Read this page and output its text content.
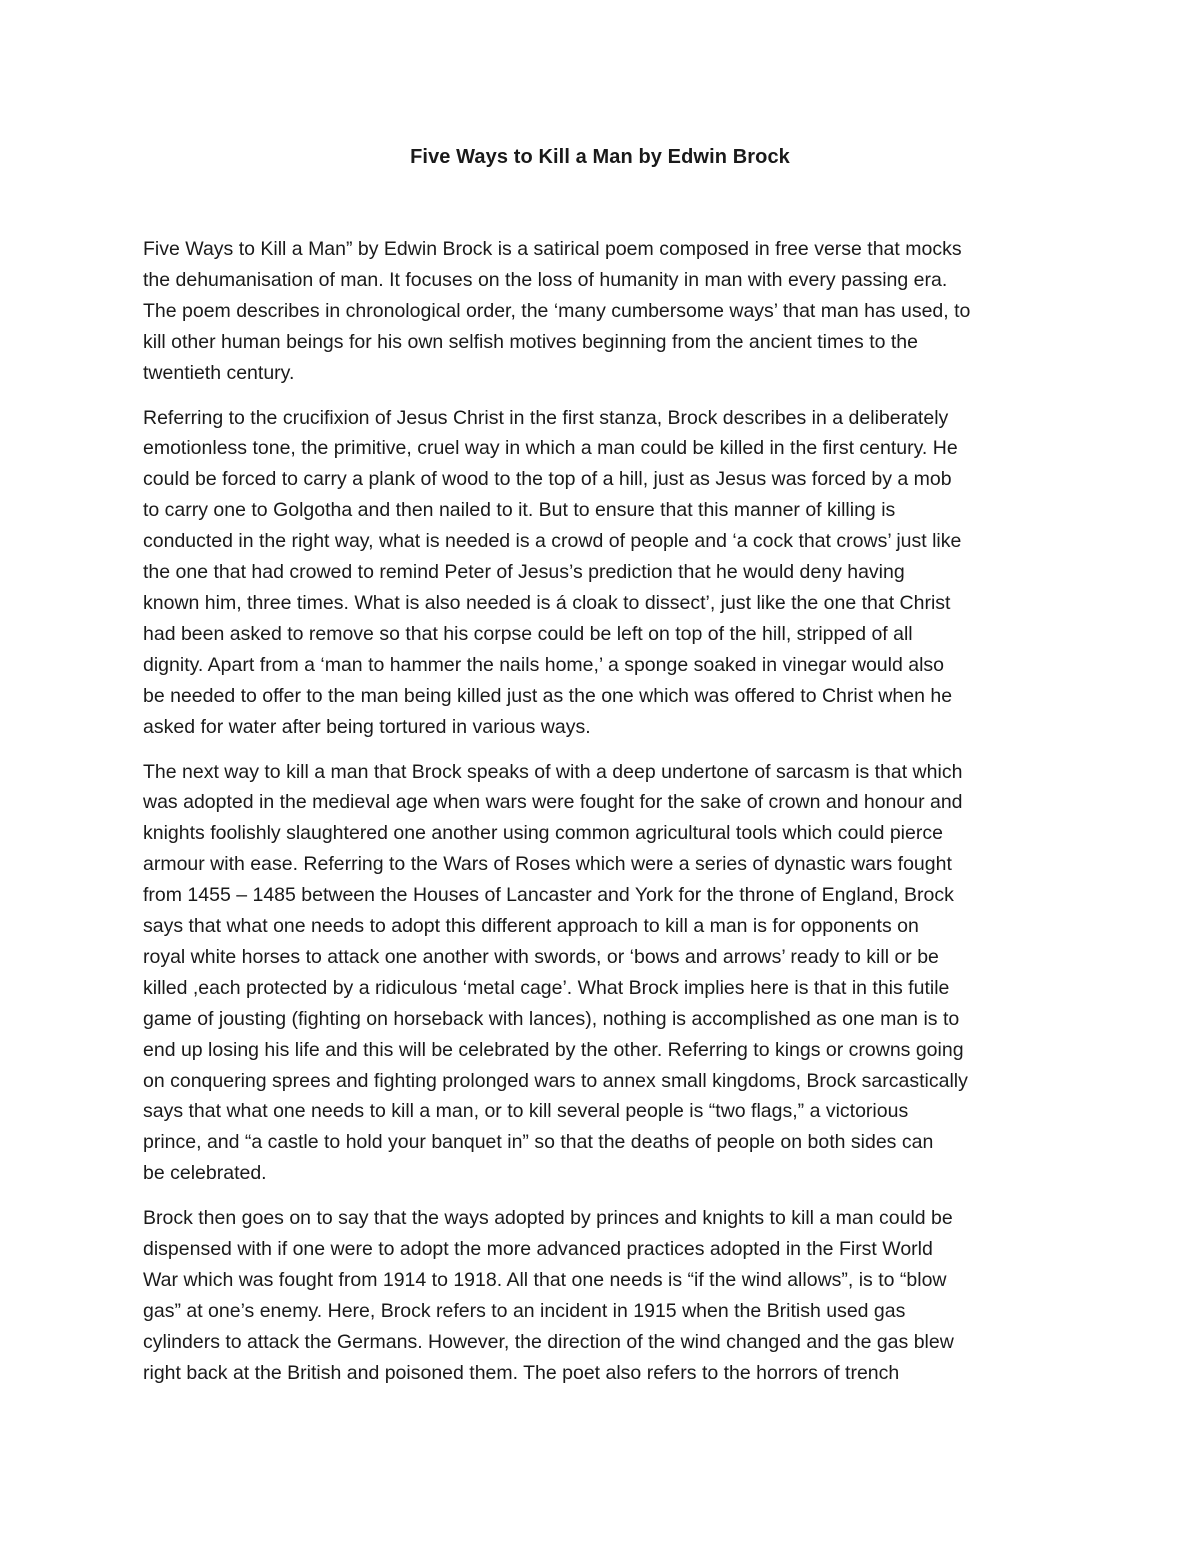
Five Ways to Kill a Man by Edwin Brock
Five Ways to Kill a Man” by Edwin Brock is a satirical poem composed in free verse that mocks
the dehumanisation of man. It focuses on the loss of humanity in man with every passing era.
The poem describes in chronological order, the ‘many cumbersome ways’ that man has used, to
kill other human beings for his own selfish motives beginning from the ancient times to the
twentieth century.
Referring to the crucifixion of Jesus Christ in the first stanza, Brock describes in a deliberately
emotionless tone, the primitive, cruel way in which a man could be killed in the first century. He
could be forced to carry a plank of wood to the top of a hill, just as Jesus was forced by a mob
to carry one to Golgotha and then nailed to it. But to ensure that this manner of killing is
conducted in the right way, what is needed is a crowd of people and ‘a cock that crows’ just like
the one that had crowed to remind Peter of Jesus’s prediction that he would deny having
known him, three times. What is also needed is á cloak to dissect’, just like the one that Christ
had been asked to remove so that his corpse could be left on top of the hill, stripped of all
dignity. Apart from a ‘man to hammer the nails home,’ a sponge soaked in vinegar would also
be needed to offer to the man being killed just as the one which was offered to Christ when he
asked for water after being tortured in various ways.
The next way to kill a man that Brock speaks of with a deep undertone of sarcasm is that which
was adopted in the medieval age when wars were fought for the sake of crown and honour and
knights foolishly slaughtered one another using common agricultural tools which could pierce
armour with ease. Referring to the Wars of Roses which were a series of dynastic wars fought
from 1455 – 1485 between the Houses of Lancaster and York for the throne of England, Brock
says that what one needs to adopt this different approach to kill a man is for opponents on
royal white horses to attack one another with swords, or ‘bows and arrows’ ready to kill or be
killed ,each protected by a ridiculous ‘metal cage’. What Brock implies here is that in this futile
game of jousting (fighting on horseback with lances), nothing is accomplished as one man is to
end up losing his life and this will be celebrated by the other. Referring to kings or crowns going
on conquering sprees and fighting prolonged wars to annex small kingdoms, Brock sarcastically
says that what one needs to kill a man, or to kill several people is “two flags,” a victorious
prince, and “a castle to hold your banquet in” so that the deaths of people on both sides can
be celebrated.
Brock then goes on to say that the ways adopted by princes and knights to kill a man could be
dispensed with if one were to adopt the more advanced practices adopted in the First World
War which was fought from 1914 to 1918. All that one needs is “if the wind allows”, is to “blow
gas” at one’s enemy. Here, Brock refers to an incident in 1915 when the British used gas
cylinders to attack the Germans. However, the direction of the wind changed and the gas blew
right back at the British and poisoned them. The poet also refers to the horrors of trench
